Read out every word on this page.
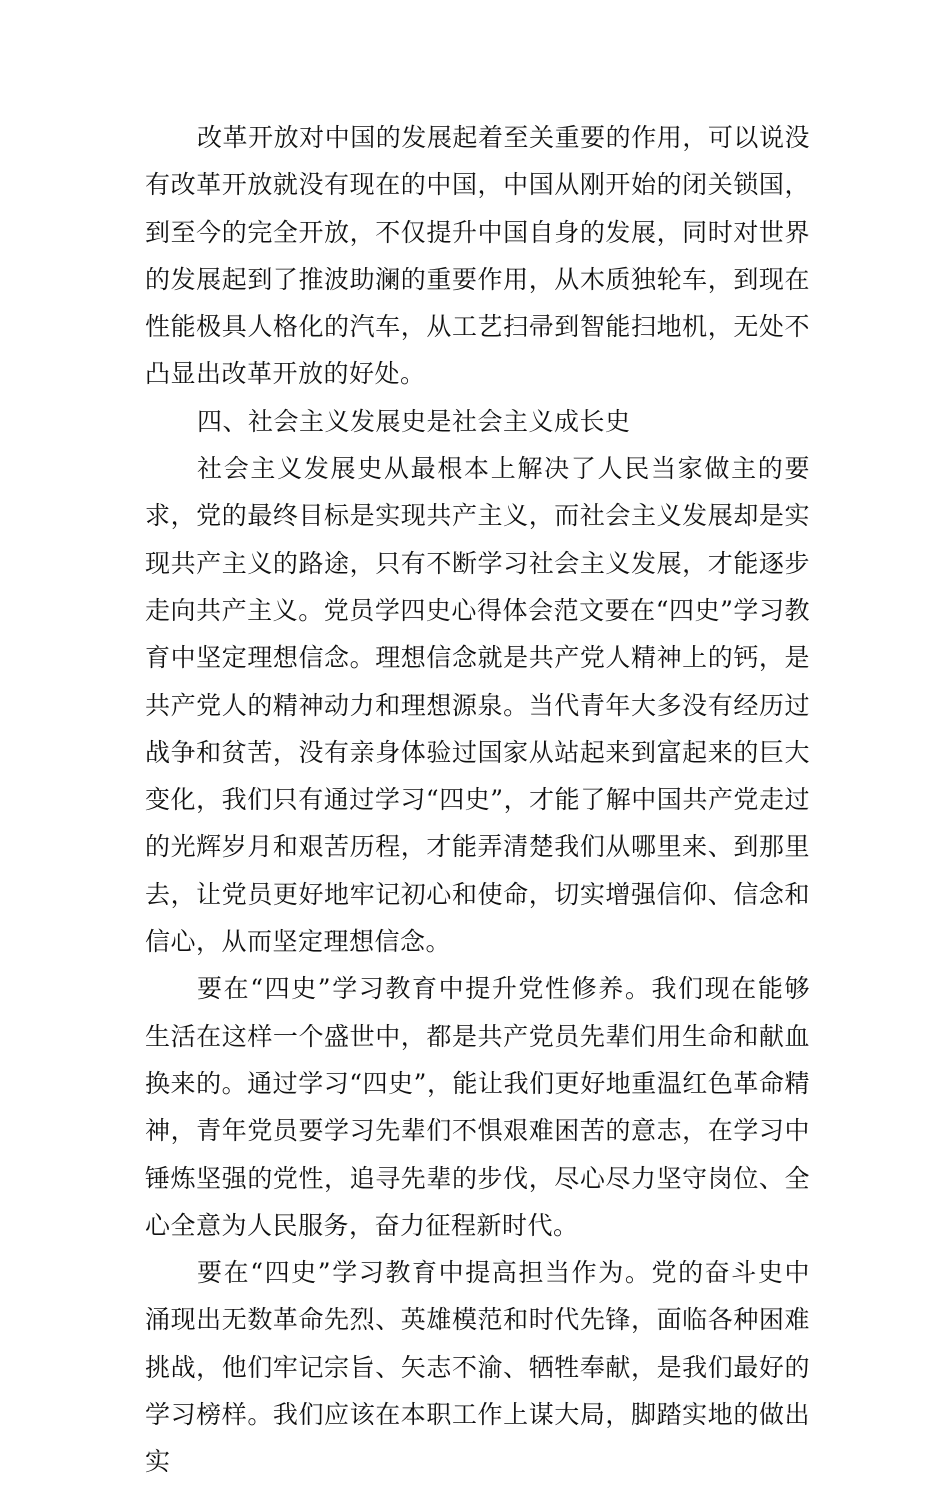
改革开放对中国的发展起着至关重要的作用，可以说没有改革开放就没有现在的中国，中国从刚开始的闭关锁国，到至今的完全开放，不仅提升中国自身的发展，同时对世界的发展起到了推波助澜的重要作用，从木质独轮车，到现在性能极具人格化的汽车，从工艺扫帚到智能扫地机，无处不凸显出改革开放的好处。

四、社会主义发展史是社会主义成长史

社会主义发展史从最根本上解决了人民当家做主的要求，党的最终目标是实现共产主义，而社会主义发展却是实现共产主义的路途，只有不断学习社会主义发展，才能逐步走向共产主义。党员学四史心得体会范文要在“四史”学习教育中坚定理想信念。理想信念就是共产党人精神上的钙，是共产党人的精神动力和理想源泉。当代青年大多没有经历过战争和贫苦，没有亲身体验过国家从站起来到富起来的巨大变化，我们只有通过学习“四史”，才能了解中国共产党走过的光辉岁月和艰苦历程，才能弄清楚我们从哪里来、到那里去，让党员更好地牢记初心和使命，切实增强信仰、信念和信心，从而坚定理想信念。

要在“四史”学习教育中提升党性修养。我们现在能够生活在这样一个盛世中，都是共产党员先辈们用生命和献血换来的。通过学习“四史”，能让我们更好地重温红色革命精神，青年党员要学习先辈们不惧艰难困苦的意志，在学习中锤炼坚强的党性，追寻先辈的步伐，尽心尽力坚守岗位、全心全意为人民服务，奋力征程新时代。

要在“四史”学习教育中提高担当作为。党的奋斗史中涌现出无数革命先烈、英雄模范和时代先锋，面临各种困难挑战，他们牢记宗旨、矢志不渝、牺牲奉献，是我们最好的学习榜样。我们应该在本职工作上谋大局，脚踏实地的做出实
